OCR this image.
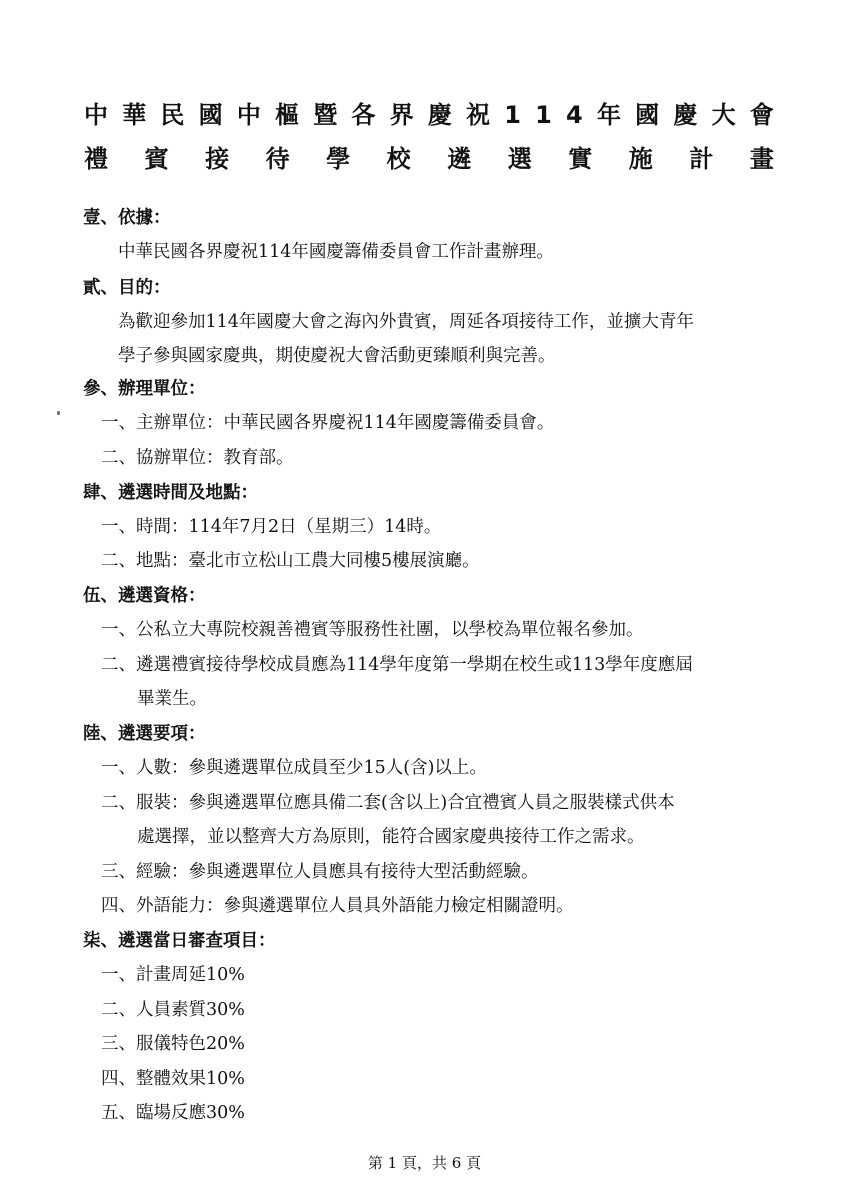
中 華 民 國 中 樞 暨 各 界 慶 祝 1 1 4 年 國 慶 大 會
禮 賓 接 待 學 校 遴 選 實 施 計 畫
壹、依據：
中華民國各界慶祝114年國慶籌備委員會工作計畫辦理。
貳、目的：
為歡迎參加114年國慶大會之海內外貴賓，周延各項接待工作，並擴大青年
學子參與國家慶典，期使慶祝大會活動更臻順利與完善。
參、辦理單位：
一、主辦單位：中華民國各界慶祝114年國慶籌備委員會。
二、協辦單位：教育部。
肆、遴選時間及地點：
一、時間：114年7月2日（星期三）14時。
二、地點：臺北市立松山工農大同樓5樓展演廳。
伍、遴選資格：
一、公私立大專院校親善禮賓等服務性社團，以學校為單位報名參加。
二、遴選禮賓接待學校成員應為114學年度第一學期在校生或113學年度應屆
畢業生。
陸、遴選要項：
一、人數：參與遴選單位成員至少15人(含)以上。
二、服裝：參與遴選單位應具備二套(含以上)合宜禮賓人員之服裝樣式供本
處選擇，並以整齊大方為原則，能符合國家慶典接待工作之需求。
三、經驗：參與遴選單位人員應具有接待大型活動經驗。
四、外語能力：參與遴選單位人員具外語能力檢定相關證明。
柒、遴選當日審查項目：
一、計畫周延10%
二、人員素質30%
三、服儀特色20%
四、整體效果10%
五、臨場反應30%
第 1 頁，共 6 頁
